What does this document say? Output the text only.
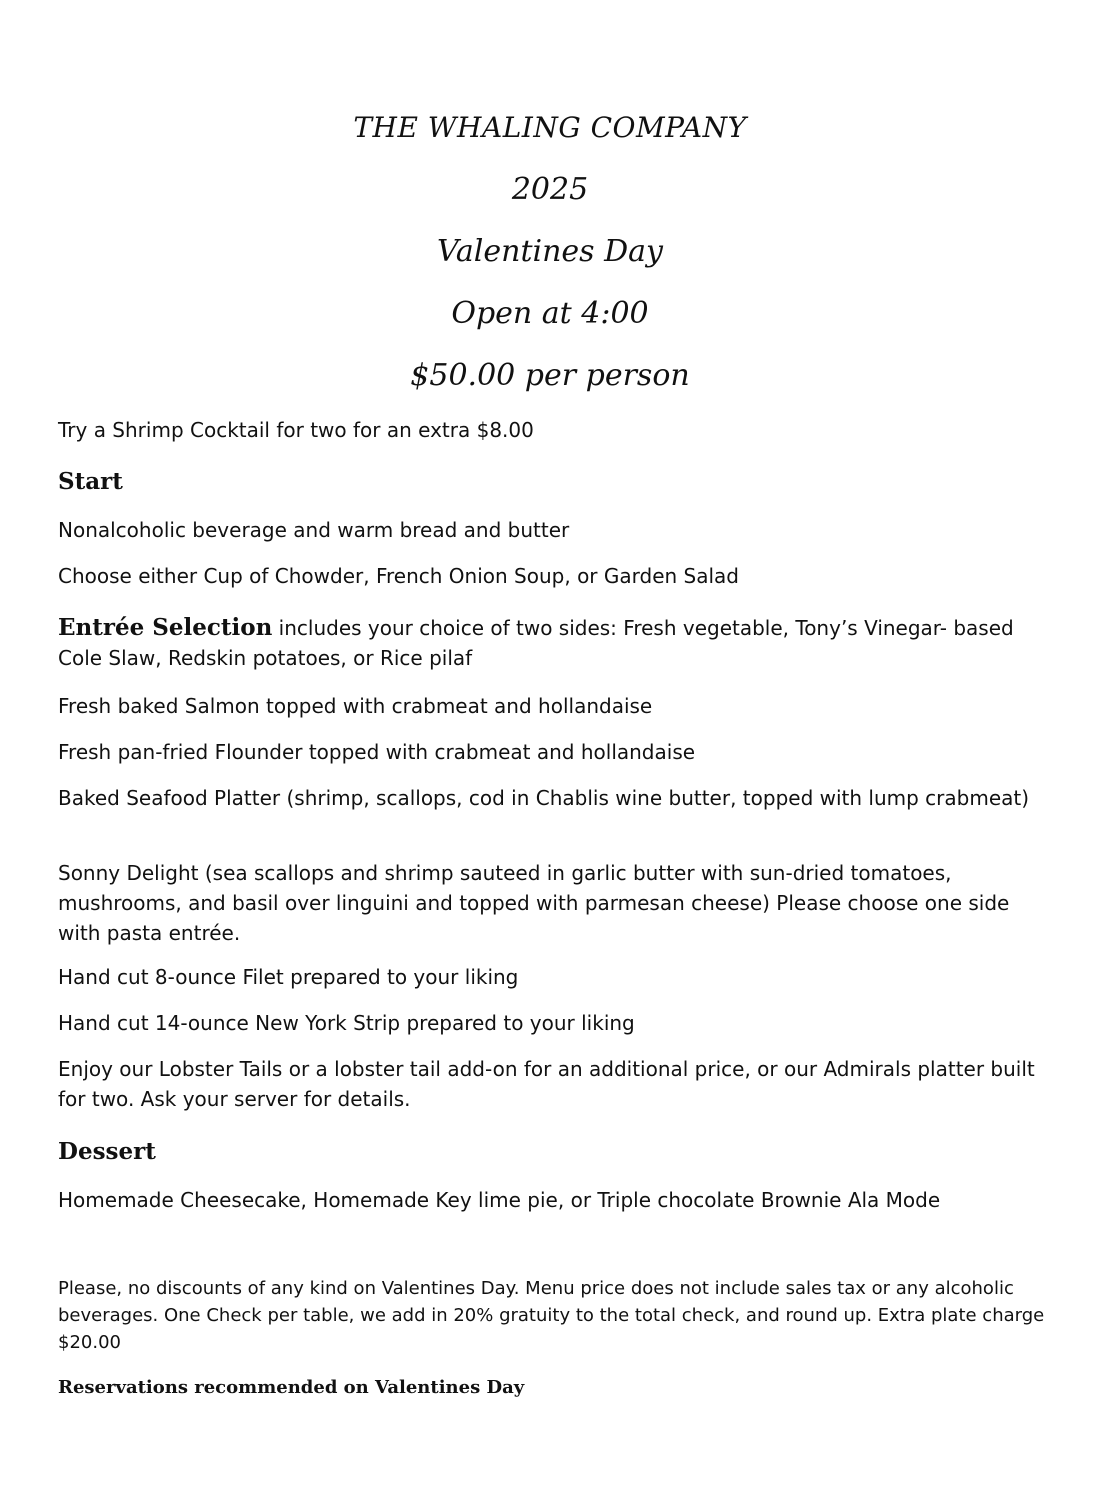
THE WHALING COMPANY
2025
Valentines Day
Open at 4:00
$50.00 per person
Try a Shrimp Cocktail for two for an extra $8.00
Start
Nonalcoholic beverage and warm bread and butter
Choose either Cup of Chowder, French Onion Soup, or Garden Salad
Entrée Selection includes your choice of two sides: Fresh vegetable, Tony’s Vinegar- based Cole Slaw, Redskin potatoes, or Rice pilaf
Fresh baked Salmon topped with crabmeat and hollandaise
Fresh pan-fried Flounder topped with crabmeat and hollandaise
Baked Seafood Platter (shrimp, scallops, cod in Chablis wine butter, topped with lump crabmeat)
Sonny Delight (sea scallops and shrimp sauteed in garlic butter with sun-dried tomatoes, mushrooms, and basil over linguini and topped with parmesan cheese) Please choose one side with pasta entrée.
Hand cut 8-ounce Filet prepared to your liking
Hand cut 14-ounce New York Strip prepared to your liking
Enjoy our Lobster Tails or a lobster tail add-on for an additional price, or our Admirals platter built for two. Ask your server for details.
Dessert
Homemade Cheesecake, Homemade Key lime pie, or Triple chocolate Brownie Ala Mode
Please, no discounts of any kind on Valentines Day. Menu price does not include sales tax or any alcoholic beverages. One Check per table, we add in 20% gratuity to the total check, and round up. Extra plate charge $20.00
Reservations recommended on Valentines Day
